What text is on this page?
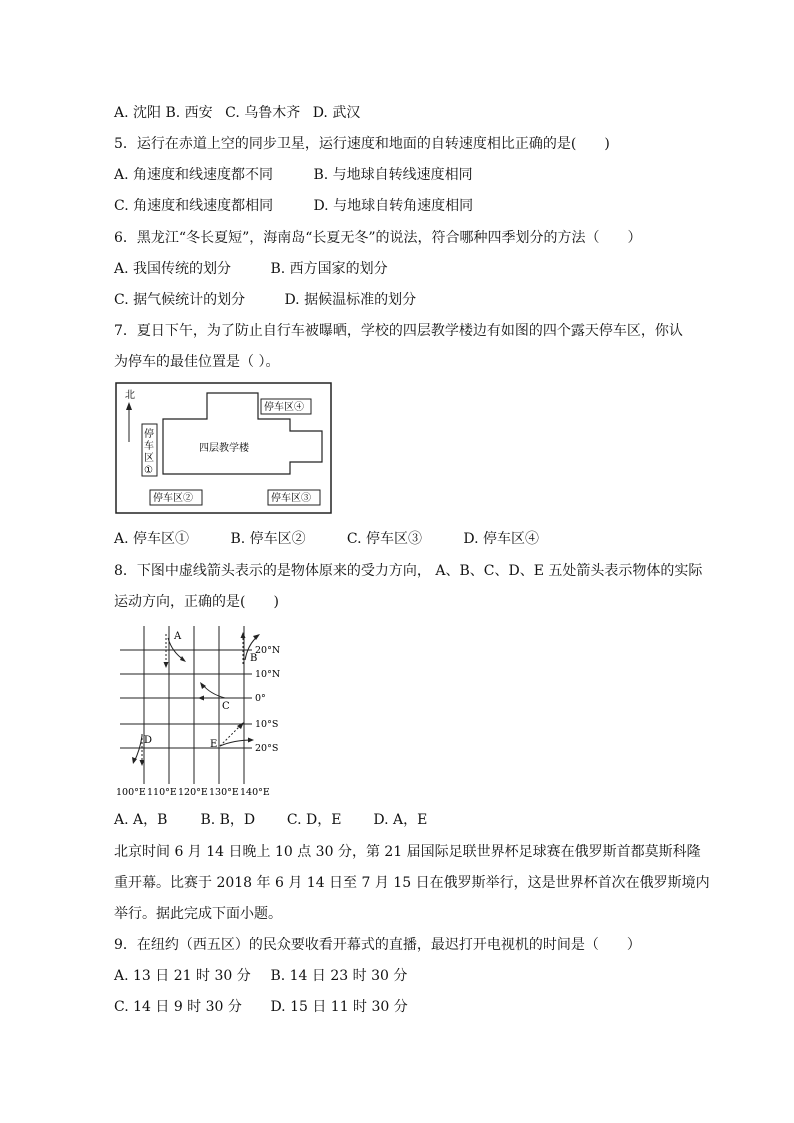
A. 沈阳 B. 西安 C. 乌鲁木齐 D. 武汉
5．运行在赤道上空的同步卫星，运行速度和地面的自转速度相比正确的是(　　)
A. 角速度和线速度都不同	B. 与地球自转线速度相同
C. 角速度和线速度都相同	D. 与地球自转角速度相同
6．黑龙江“冬长夏短”，海南岛“长夏无冬”的说法，符合哪种四季划分的方法（　　）
A. 我国传统的划分	B. 西方国家的划分
C. 据气候统计的划分	D. 据候温标准的划分
7．夏日下午，为了防止自行车被曝晒，学校的四层教学楼边有如图的四个露天停车区，你认
为停车的最佳位置是（ ）。
北
四层教学楼
停车区④
停
车
区
①
停车区②	停车区③
A. 停车区①	B. 停车区②	C. 停车区③	D. 停车区④
8．下图中虚线箭头表示的是物体原来的受力方向， A、B、C、D、E 五处箭头表示物体的实际
运动方向，正确的是(　　)
20°N
10°N
0°
10°S
20°S
100°E 110°E 120°E 130°E 140°E
A
B
C
D	E
A. A，B B. B，D C. D，E D. A，E
北京时间 6 月 14 日晚上 10 点 30 分，第 21 届国际足联世界杯足球赛在俄罗斯首都莫斯科隆
重开幕。比赛于 2018 年 6 月 14 日至 7 月 15 日在俄罗斯举行，这是世界杯首次在俄罗斯境内
举行。据此完成下面小题。
9．在纽约（西五区）的民众要收看开幕式的直播，最迟打开电视机的时间是（　　）
A. 13 日 21 时 30 分 B. 14 日 23 时 30 分
C. 14 日 9 时 30 分 D. 15 日 11 时 30 分
